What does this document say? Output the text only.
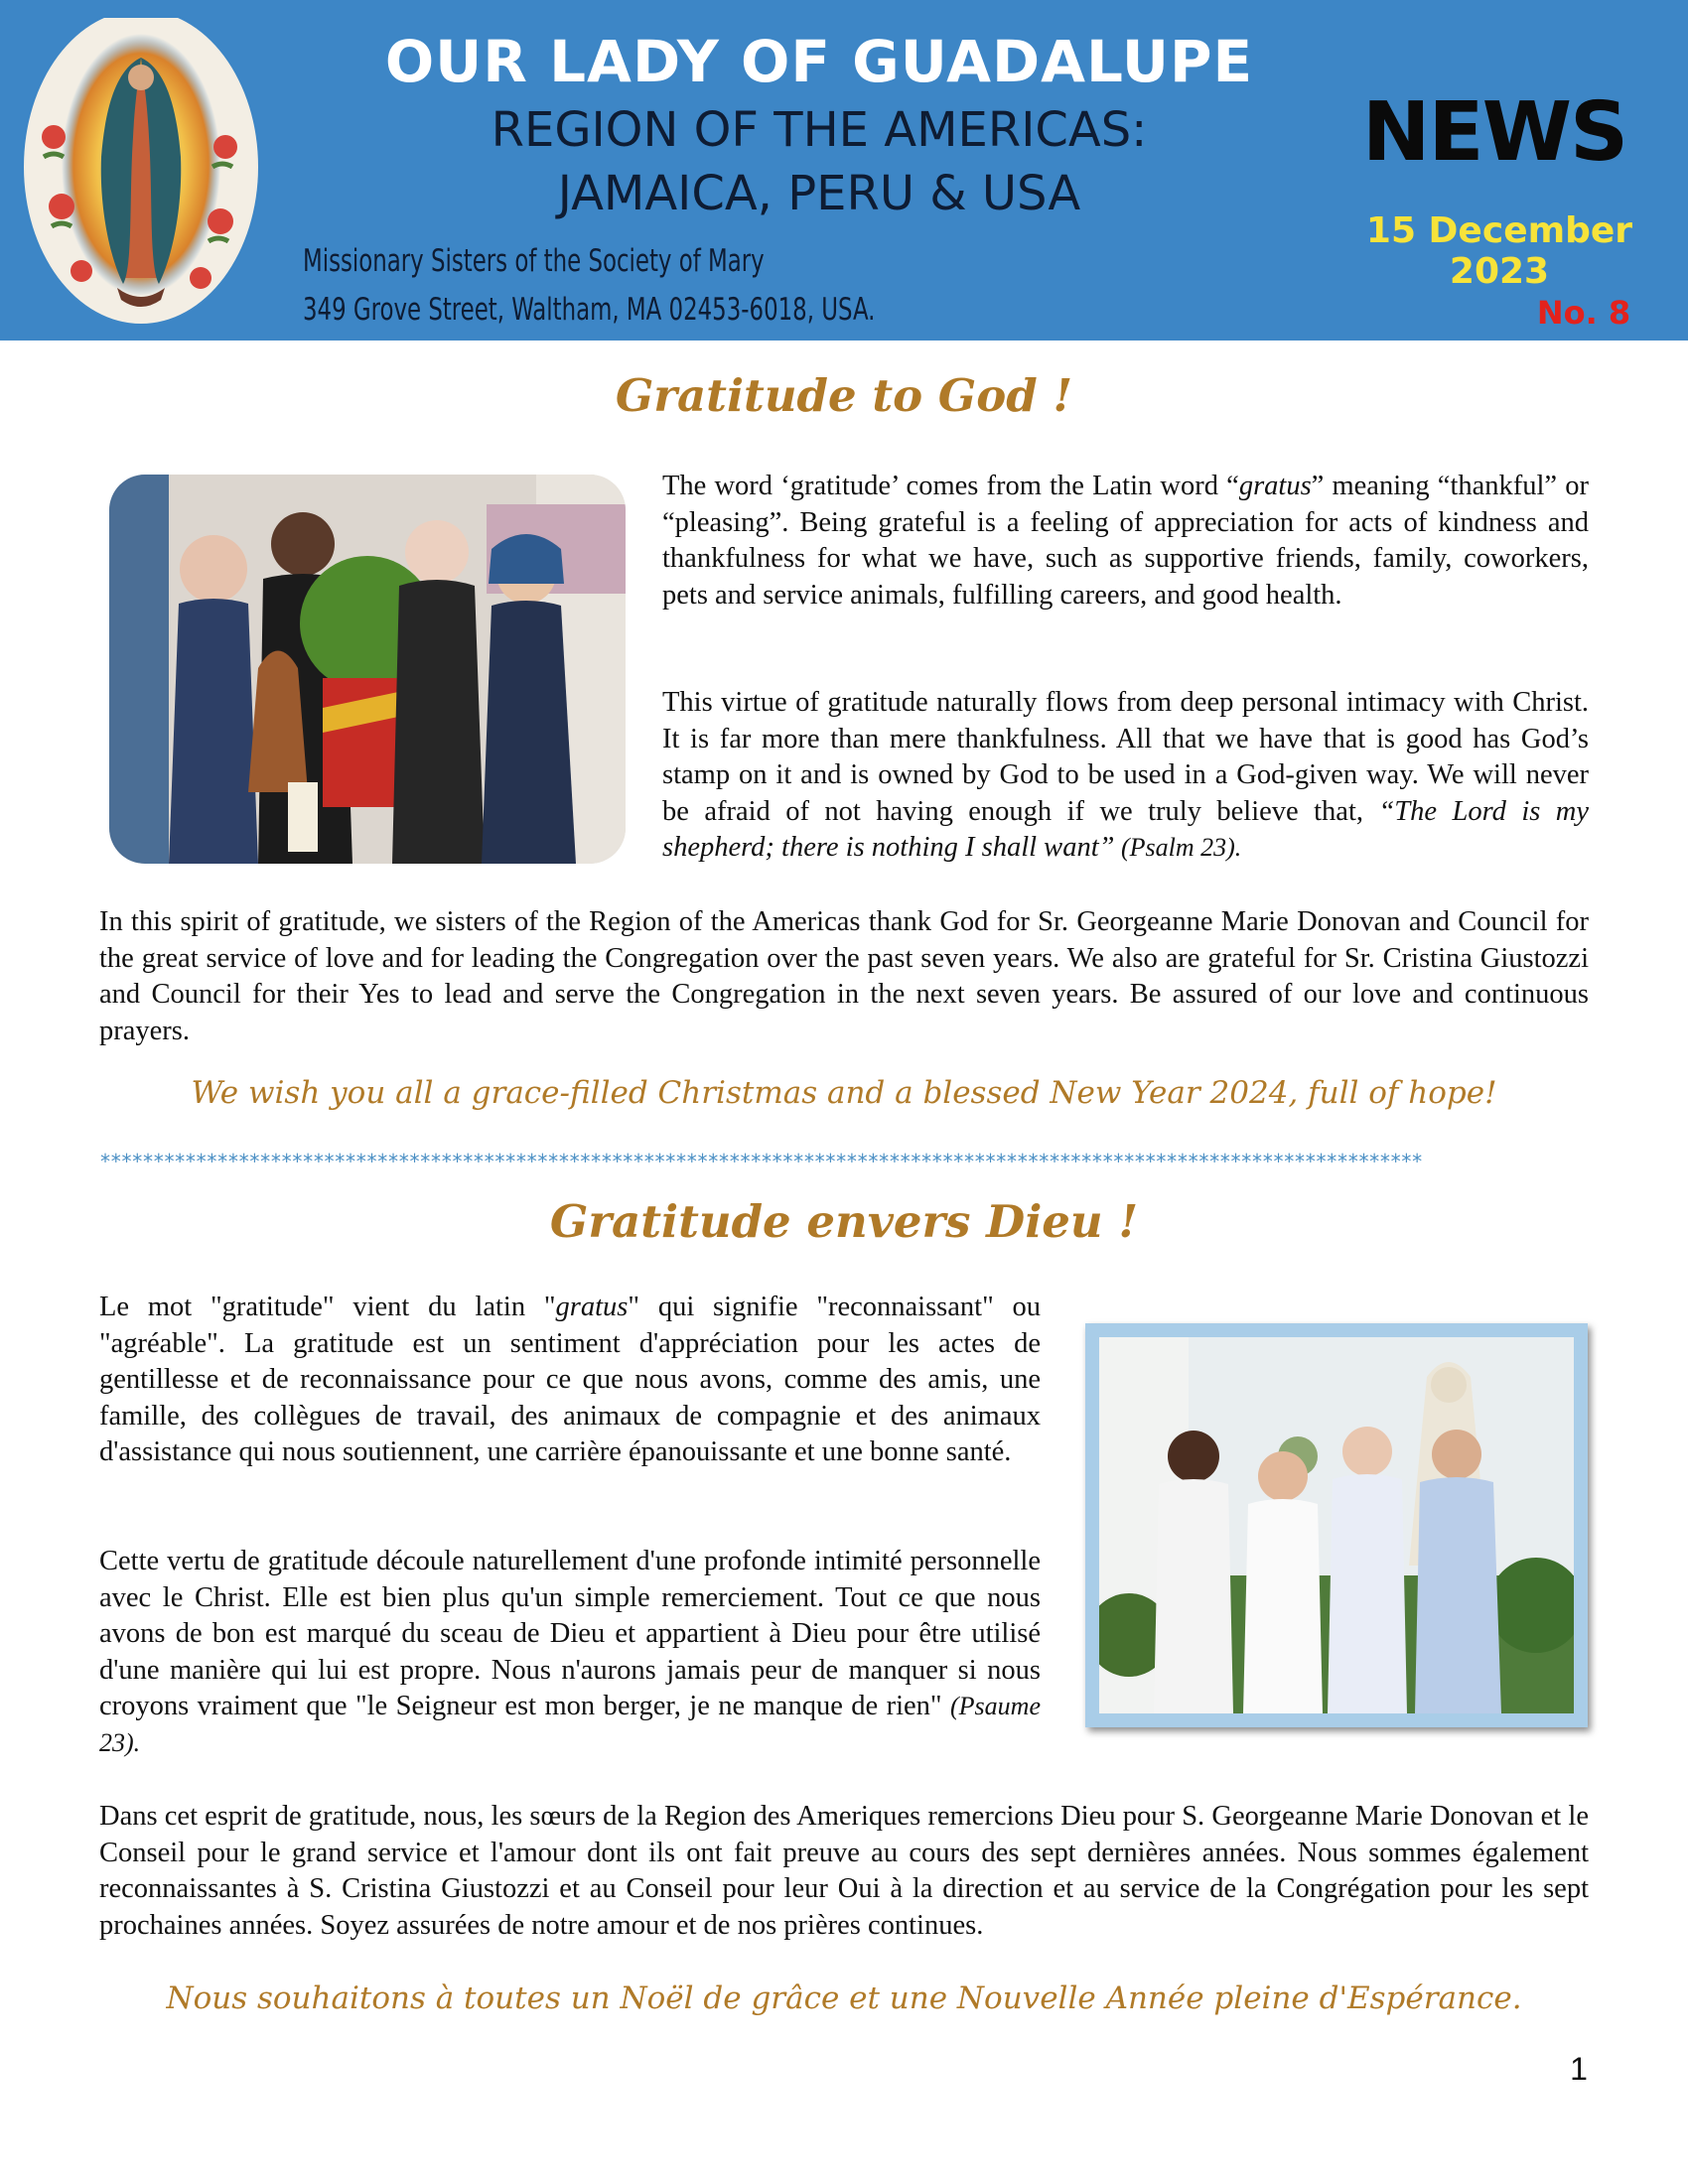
OUR LADY OF GUADALUPE

REGION OF THE AMERICAS:

JAMAICA, PERU & USA

Missionary Sisters of the Society of Mary

349 Grove Street, Waltham, MA 02453-6018, USA.

NEWS

15 December 2023

No. 8

Gratitude to God !

The word ‘gratitude’ comes from the Latin word “gratus” meaning “thankful” or “pleasing”. Being grateful is a feeling of appreciation for acts of kindness and thankfulness for what we have, such as supportive friends, family, coworkers, pets and service animals, fulfilling careers, and good health.

This virtue of gratitude naturally flows from deep personal intimacy with Christ. It is far more than mere thankfulness. All that we have that is good has God’s stamp on it and is owned by God to be used in a God-given way. We will never be afraid of not having enough if we truly believe that, “The Lord is my shepherd; there is nothing I shall want” (Psalm 23).

In this spirit of gratitude, we sisters of the Region of the Americas thank God for Sr. Georgeanne Marie Donovan and Council for the great service of love and for leading the Congregation over the past seven years. We also are grateful for Sr. Cristina Giustozzi and Council for their Yes to lead and serve the Congregation in the next seven years. Be assured of our love and continuous prayers.

We wish you all a grace-filled Christmas and a blessed New Year 2024, full of hope!

****************************************************************************************************************************
Gratitude envers Dieu !

Le mot "gratitude" vient du latin "gratus" qui signifie "reconnaissant" ou "agréable". La gratitude est un sentiment d'appréciation pour les actes de gentillesse et de reconnaissance pour ce que nous avons, comme des amis, une famille, des collègues de travail, des animaux de compagnie et des animaux d'assistance qui nous soutiennent, une carrière épanouissante et une bonne santé.

Cette vertu de gratitude découle naturellement d'une profonde intimité personnelle avec le Christ. Elle est bien plus qu'un simple remerciement. Tout ce que nous avons de bon est marqué du sceau de Dieu et appartient à Dieu pour être utilisé d'une manière qui lui est propre. Nous n'aurons jamais peur de manquer si nous croyons vraiment que "le Seigneur est mon berger, je ne manque de rien" (Psaume 23).

Dans cet esprit de gratitude, nous, les sœurs de la Region des Ameriques remercions Dieu pour S. Georgeanne Marie Donovan et le Conseil pour le grand service et l'amour dont ils ont fait preuve au cours des sept dernières années. Nous sommes également reconnaissantes à S. Cristina Giustozzi et au Conseil pour leur Oui à la direction et au service de la Congrégation pour les sept prochaines années. Soyez assurées de notre amour et de nos prières continues.

Nous souhaitons à toutes un Noël de grâce et une Nouvelle Année pleine d'Espérance.

1
